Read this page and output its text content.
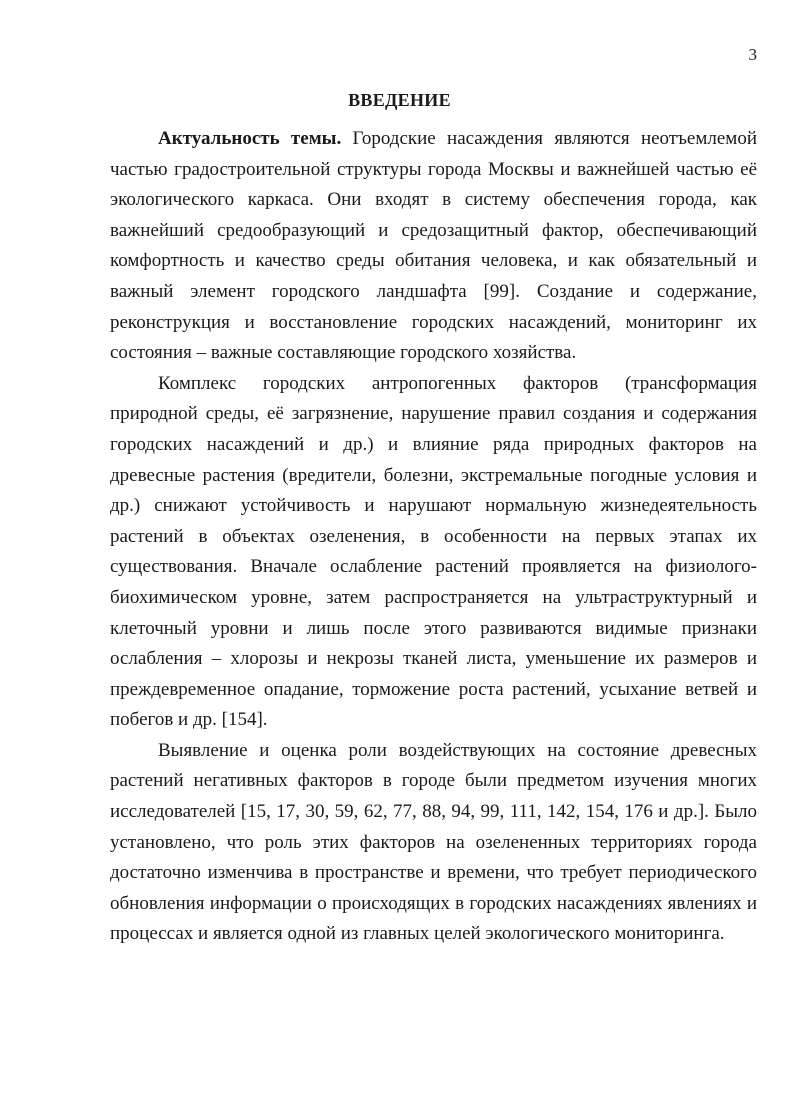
3
ВВЕДЕНИЕ

Актуальность темы. Городские насаждения являются неотъемлемой частью градостроительной структуры города Москвы и важнейшей частью её экологического каркаса. Они входят в систему обеспечения города, как важнейший средообразующий и средозащитный фактор, обеспечивающий комфортность и качество среды обитания человека, и как обязательный и важный элемент городского ландшафта [99]. Создание и содержание, реконструкция и восстановление городских насаждений, мониторинг их состояния – важные составляющие городского хозяйства.

Комплекс городских антропогенных факторов (трансформация природной среды, её загрязнение, нарушение правил создания и содержания городских насаждений и др.) и влияние ряда природных факторов на древесные растения (вредители, болезни, экстремальные погодные условия и др.) снижают устойчивость и нарушают нормальную жизнедеятельность растений в объектах озеленения, в особенности на первых этапах их существования. Вначале ослабление растений проявляется на физиолого-биохимическом уровне, затем распространяется на ультраструктурный и клеточный уровни и лишь после этого развиваются видимые признаки ослабления – хлорозы и некрозы тканей листа, уменьшение их размеров и преждевременное опадание, торможение роста растений, усыхание ветвей и побегов и др. [154].

Выявление и оценка роли воздействующих на состояние древесных растений негативных факторов в городе были предметом изучения многих исследователей [15, 17, 30, 59, 62, 77, 88, 94, 99, 111, 142, 154, 176 и др.]. Было установлено, что роль этих факторов на озелененных территориях города достаточно изменчива в пространстве и времени, что требует периодического обновления информации о происходящих в городских насаждениях явлениях и процессах и является одной из главных целей экологического мониторинга.
